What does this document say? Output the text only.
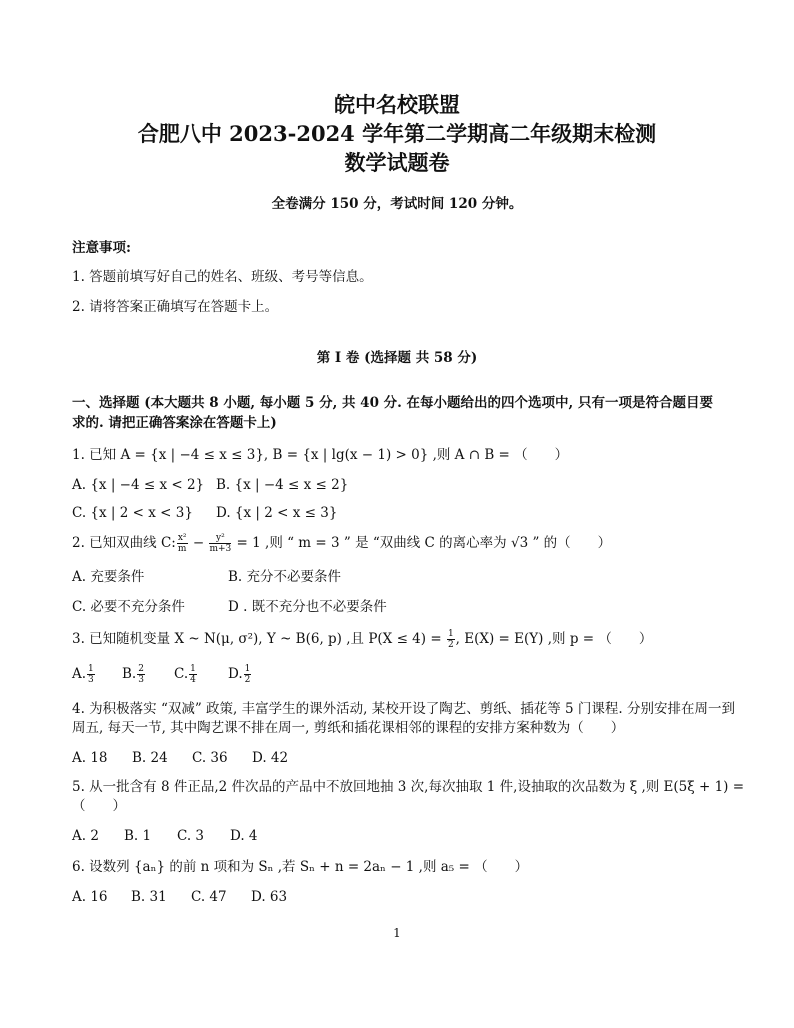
皖中名校联盟
合肥八中 2023-2024 学年第二学期高二年级期末检测
数学试题卷
全卷满分 150 分，考试时间 120 分钟。
注意事项:
1. 答题前填写好自己的姓名、班级、考号等信息。
2. 请将答案正确填写在答题卡上。
第 I 卷 (选择题 共 58 分)
一、选择题 (本大题共 8 小题, 每小题 5 分, 共 40 分. 在每小题给出的四个选项中, 只有一项是符合题目要求的. 请把正确答案涂在答题卡上)
1. 已知 A = {x | −4 ≤ x ≤ 3}, B = {x | lg(x − 1) > 0} ,则 A ∩ B = （　　）
A. {x | −4 ≤ x < 2} B. {x | −4 ≤ x ≤ 2}
C. {x | 2 < x < 3} D. {x | 2 < x ≤ 3}
2. 已知双曲线 C: $\frac{\text{x²}}{m} - \frac{\text{y²}}{m+3} = 1$ ,则 “ m = 3 ” 是 “双曲线 C 的离心率为 √3 ” 的（　　）
A. 充要条件	B. 充分不必要条件
C. 必要不充分条件	D . 既不充分也不必要条件
3. 已知随机变量 X ~ N(μ, σ²), Y ~ B(6, p) ,且 $P(X \le 4) = \frac{1}{2}$ , E(X) = E(Y) ,则 p = （　　）
A. $\frac{1}{3} B$. $\frac{2}{3} C$. $\frac{1}{4} D$. $\frac{1}{2}$
4. 为积极落实 “双减” 政策, 丰富学生的课外活动, 某校开设了陶艺、剪纸、插花等 5 门课程. 分别安排在周一到
周五, 每天一节, 其中陶艺课不排在周一, 剪纸和插花课相邻的课程的安排方案种数为（　　）
A. 18 B. 24 C. 36 D. 42
5. 从一批含有 8 件正品,2 件次品的产品中不放回地抽 3 次,每次抽取 1 件,设抽取的次品数为 ξ ,则 E(5ξ + 1) =
（　　）
A. 2 B. 1 C. 3 D. 4
6. 设数列 {aₙ} 的前 n 项和为 Sₙ ,若 Sₙ + n = 2aₙ − 1 ,则 a₅ = （　　）
A. 16 B. 31 C. 47 D. 63
1
